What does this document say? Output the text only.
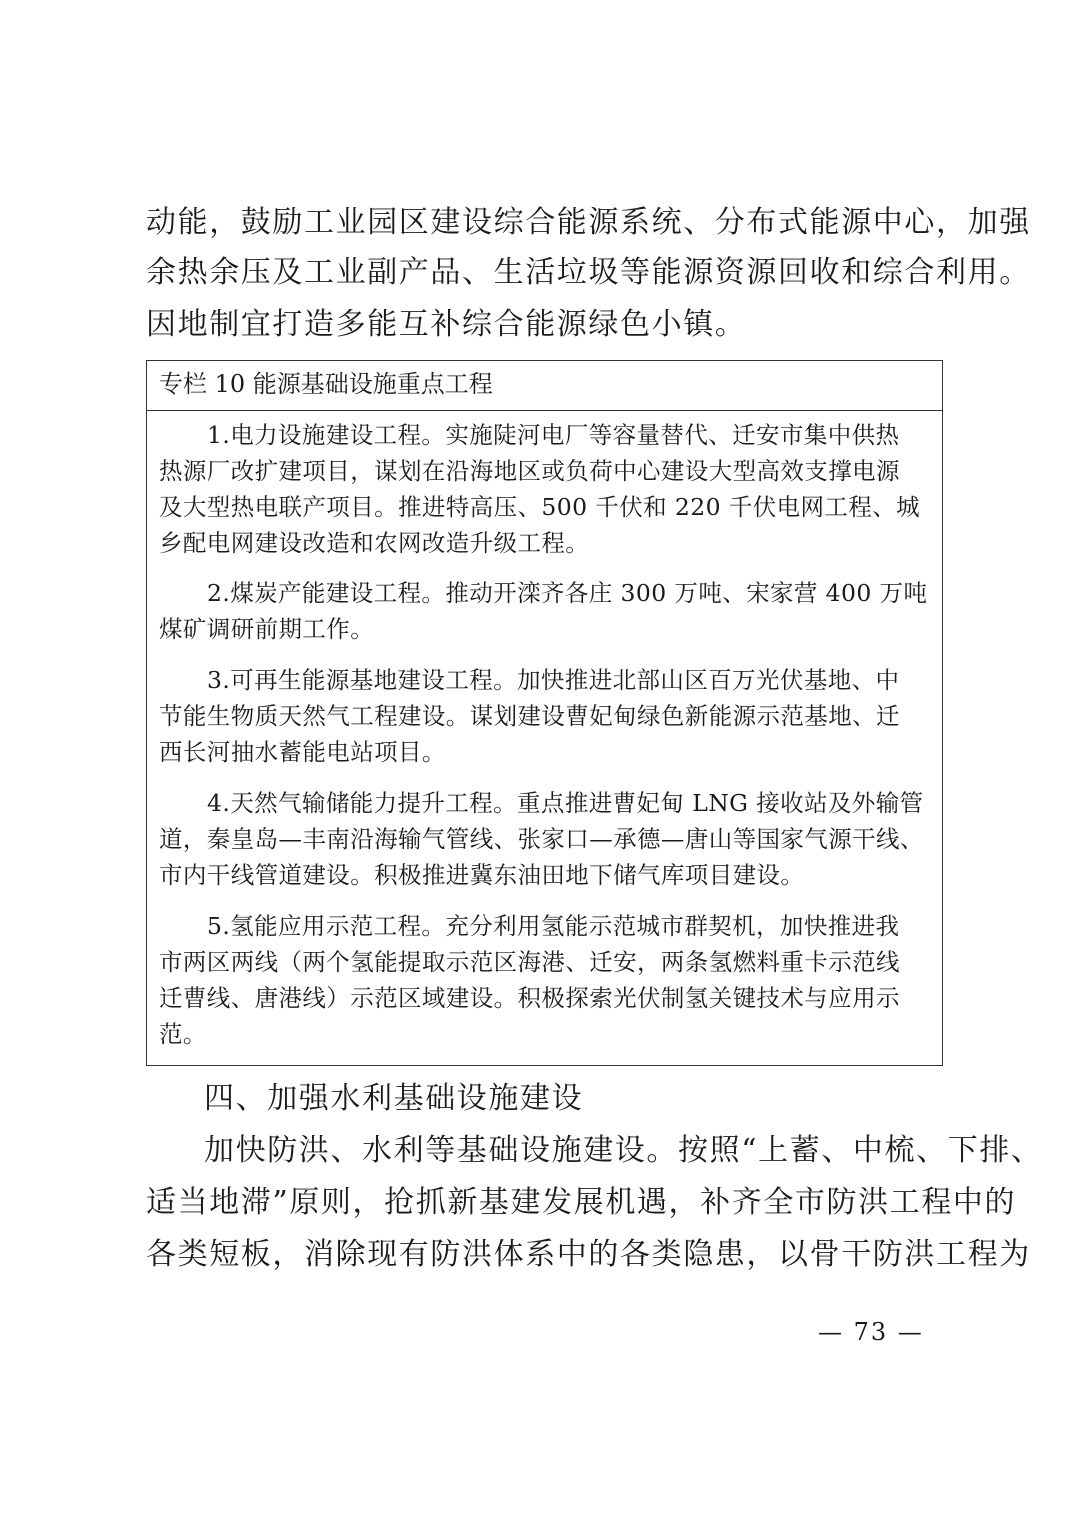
动能，鼓励工业园区建设综合能源系统、分布式能源中心，加强
余热余压及工业副产品、生活垃圾等能源资源回收和综合利用。
因地制宜打造多能互补综合能源绿色小镇。
专栏 10 能源基础设施重点工程
1.电力设施建设工程。实施陡河电厂等容量替代、迁安市集中供热
热源厂改扩建项目，谋划在沿海地区或负荷中心建设大型高效支撑电源
及大型热电联产项目。推进特高压、500 千伏和 220 千伏电网工程、城
乡配电网建设改造和农网改造升级工程。
2.煤炭产能建设工程。推动开滦齐各庄 300 万吨、宋家营 400 万吨
煤矿调研前期工作。
3.可再生能源基地建设工程。加快推进北部山区百万光伏基地、中
节能生物质天然气工程建设。谋划建设曹妃甸绿色新能源示范基地、迁
西长河抽水蓄能电站项目。
4.天然气输储能力提升工程。重点推进曹妃甸 LNG 接收站及外输管
道，秦皇岛—丰南沿海输气管线、张家口—承德—唐山等国家气源干线、
市内干线管道建设。积极推进冀东油田地下储气库项目建设。
5.氢能应用示范工程。充分利用氢能示范城市群契机，加快推进我
市两区两线（两个氢能提取示范区海港、迁安，两条氢燃料重卡示范线
迁曹线、唐港线）示范区域建设。积极探索光伏制氢关键技术与应用示
范。
四、加强水利基础设施建设
加快防洪、水利等基础设施建设。按照“上蓄、中梳、下排、
适当地滞”原则，抢抓新基建发展机遇，补齐全市防洪工程中的
各类短板，消除现有防洪体系中的各类隐患，以骨干防洪工程为
— 73 —
